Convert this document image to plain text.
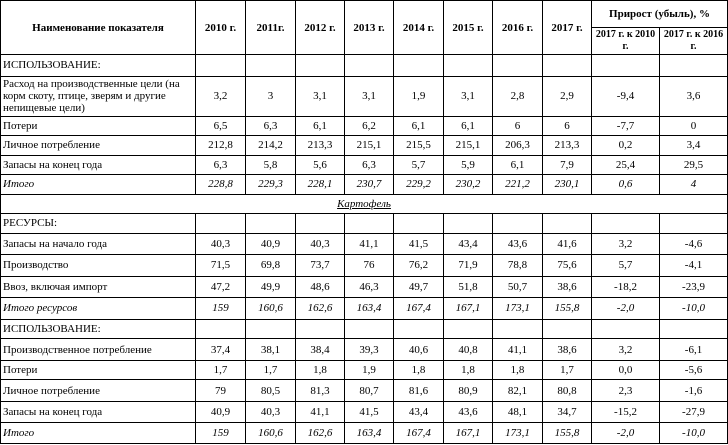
Наименование показателя	2010 г.	2011г.	2012 г.	2013 г.	2014 г.	2015 г.	2016 г.	2017 г.	Прирост (убыль), %	
									2017 г. к 2010 г.	2017 г. к 2016 г.
ИСПОЛЬЗОВАНИЕ:										
Расход на производственные цели (на корм скоту, птице, зверям и другие непищевые цели)	3,2	3	3,1	3,1	1,9	3,1	2,8	2,9	-9,4	3,6
Потери	6,5	6,3	6,1	6,2	6,1	6,1	6	6	-7,7	0
Личное потребление	212,8	214,2	213,3	215,1	215,5	215,1	206,3	213,3	0,2	3,4
Запасы на конец года	6,3	5,8	5,6	6,3	5,7	5,9	6,1	7,9	25,4	29,5
Итого	228,8	229,3	228,1	230,7	229,2	230,2	221,2	230,1	0,6	4
Картофель										
РЕСУРСЫ:										
Запасы на начало года	40,3	40,9	40,3	41,1	41,5	43,4	43,6	41,6	3,2	-4,6
Производство	71,5	69,8	73,7	76	76,2	71,9	78,8	75,6	5,7	-4,1
Ввоз, включая импорт	47,2	49,9	48,6	46,3	49,7	51,8	50,7	38,6	-18,2	-23,9
Итого ресурсов	159	160,6	162,6	163,4	167,4	167,1	173,1	155,8	-2,0	-10,0
ИСПОЛЬЗОВАНИЕ:										
Производственное потребление	37,4	38,1	38,4	39,3	40,6	40,8	41,1	38,6	3,2	-6,1
Потери	1,7	1,7	1,8	1,9	1,8	1,8	1,8	1,7	0,0	-5,6
Личное потребление	79	80,5	81,3	80,7	81,6	80,9	82,1	80,8	2,3	-1,6
Запасы на конец года	40,9	40,3	41,1	41,5	43,4	43,6	48,1	34,7	-15,2	-27,9
Итого	159	160,6	162,6	163,4	167,4	167,1	173,1	155,8	-2,0	-10,0
